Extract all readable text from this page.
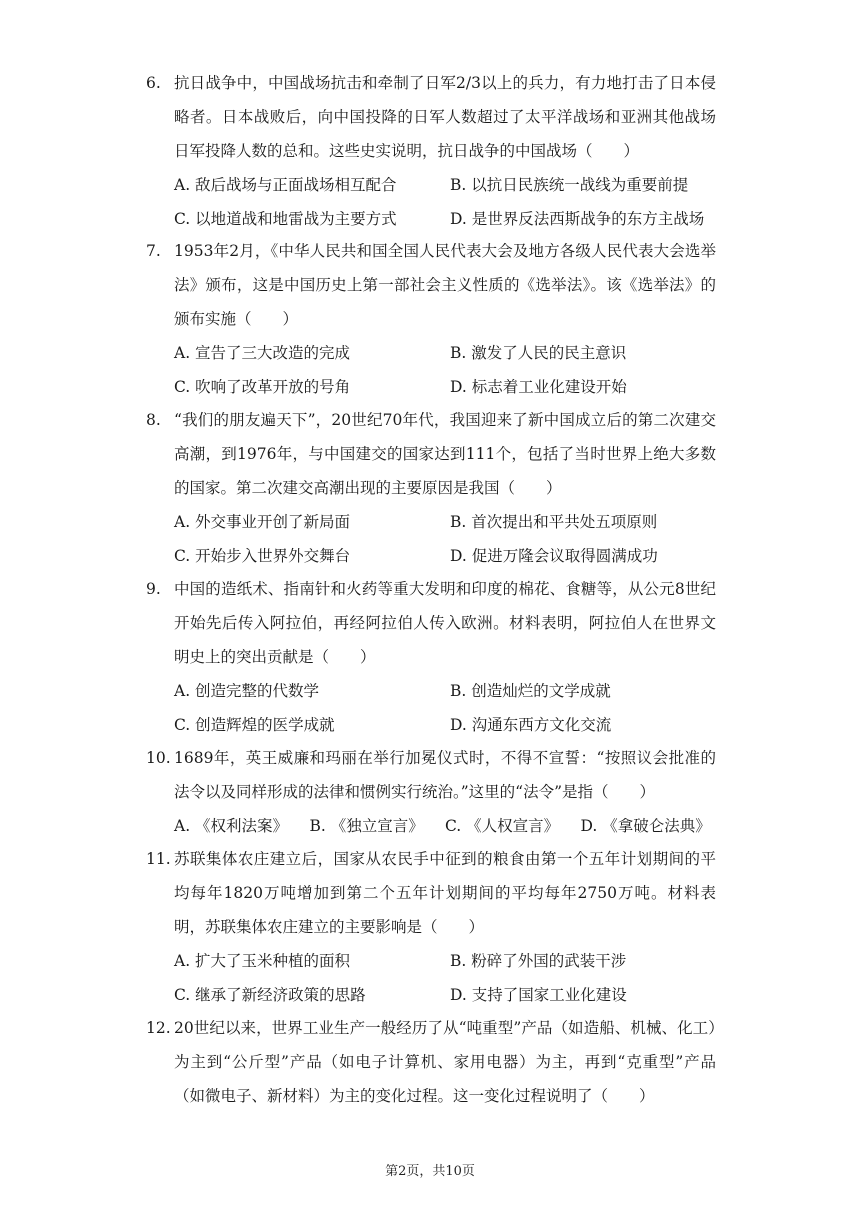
6. 抗日战争中，中国战场抗击和牵制了日军2/3以上的兵力，有力地打击了日本侵略者。日本战败后，向中国投降的日军人数超过了太平洋战场和亚洲其他战场日军投降人数的总和。这些史实说明，抗日战争的中国战场（　　）
A. 敌后战场与正面战场相互配合	B. 以抗日民族统一战线为重要前提
C. 以地道战和地雷战为主要方式	D. 是世界反法西斯战争的东方主战场
7. 1953年2月，《中华人民共和国全国人民代表大会及地方各级人民代表大会选举法》颁布，这是中国历史上第一部社会主义性质的《选举法》。该《选举法》的颁布实施（　　）
A. 宣告了三大改造的完成	B. 激发了人民的民主意识
C. 吹响了改革开放的号角	D. 标志着工业化建设开始
8. “我们的朋友遍天下”，20世纪70年代，我国迎来了新中国成立后的第二次建交高潮，到1976年，与中国建交的国家达到111个，包括了当时世界上绝大多数的国家。第二次建交高潮出现的主要原因是我国（　　）
A. 外交事业开创了新局面	B. 首次提出和平共处五项原则
C. 开始步入世界外交舞台	D. 促进万隆会议取得圆满成功
9. 中国的造纸术、指南针和火药等重大发明和印度的棉花、食糖等，从公元8世纪开始先后传入阿拉伯，再经阿拉伯人传入欧洲。材料表明，阿拉伯人在世界文明史上的突出贡献是（　　）
A. 创造完整的代数学	B. 创造灿烂的文学成就
C. 创造辉煌的医学成就	D. 沟通东西方文化交流
10. 1689年，英王威廉和玛丽在举行加冕仪式时，不得不宣誓：“按照议会批准的法令以及同样形成的法律和惯例实行统治。”这里的“法令”是指（　　）
A. 《权利法案》	B. 《独立宣言》	C. 《人权宣言》	D. 《拿破仑法典》
11. 苏联集体农庄建立后，国家从农民手中征到的粮食由第一个五年计划期间的平均每年1820万吨增加到第二个五年计划期间的平均每年2750万吨。材料表明，苏联集体农庄建立的主要影响是（　　）
A. 扩大了玉米种植的面积	B. 粉碎了外国的武装干涉
C. 继承了新经济政策的思路	D. 支持了国家工业化建设
12. 20世纪以来，世界工业生产一般经历了从“吨重型”产品（如造船、机械、化工）为主到“公斤型”产品（如电子计算机、家用电器）为主，再到“克重型”产品（如微电子、新材料）为主的变化过程。这一变化过程说明了（　　）
第2页，共10页
